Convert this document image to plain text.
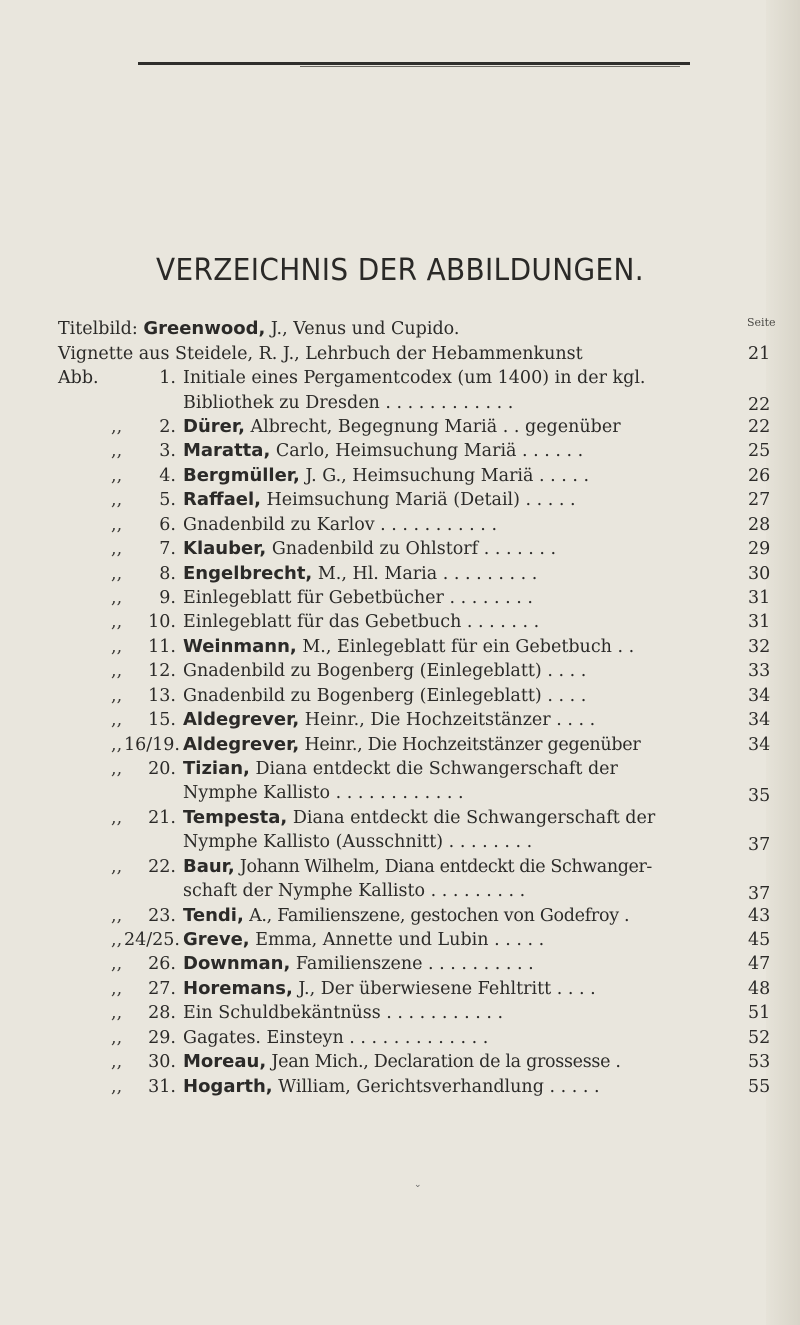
VERZEICHNIS DER ABBILDUNGEN.
Seite
Titelbild: Greenwood, J., Venus und Cupido.
Vignette aus Steidele, R. J., Lehrbuch der Hebammenkunst	21
Abb.	1. Initiale eines Pergamentcodex (um 1400) in der kgl.
Bibliothek zu Dresden . . . . . . . . . . . .	22
,,	2. Dürer, Albrecht, Begegnung Mariä . . gegenüber	22
,,	3. Maratta, Carlo, Heimsuchung Mariä . . . . . .	25
,,	4. Bergmüller, J. G., Heimsuchung Mariä . . . . .	26
,,	5. Raffael, Heimsuchung Mariä (Detail) . . . . .	27
,,	6. Gnadenbild zu Karlov . . . . . . . . . . .	28
,,	7. Klauber, Gnadenbild zu Ohlstorf . . . . . . .	29
,,	8. Engelbrecht, M., Hl. Maria . . . . . . . . .	30
,,	9. Einlegeblatt für Gebetbücher . . . . . . . .	31
,,	10. Einlegeblatt für das Gebetbuch . . . . . . .	31
,,	11. Weinmann, M., Einlegeblatt für ein Gebetbuch . .	32
,,	12. Gnadenbild zu Bogenberg (Einlegeblatt) . . . .	33
,,	13. Gnadenbild zu Bogenberg (Einlegeblatt) . . . .	34
,,	15. Aldegrever, Heinr., Die Hochzeitstänzer . . . .	34
,, 16/19. Aldegrever, Heinr., Die Hochzeitstänzer gegenüber	34
,,	20. Tizian, Diana entdeckt die Schwangerschaft der
Nymphe Kallisto . . . . . . . . . . . .	35
,,	21. Tempesta, Diana entdeckt die Schwangerschaft der
Nymphe Kallisto (Ausschnitt) . . . . . . . .	37
,,	22. Baur, Johann Wilhelm, Diana entdeckt die Schwanger-
schaft der Nymphe Kallisto . . . . . . . . .	37
,,	23. Tendi, A., Familienszene, gestochen von Godefroy .	43
,, 24/25. Greve, Emma, Annette und Lubin . . . . .	45
,,	26. Downman, Familienszene . . . . . . . . . .	47
,,	27. Horemans, J., Der überwiesene Fehltritt . . . .	48
,,	28. Ein Schuldbekäntnüss . . . . . . . . . . .	51
,,	29. Gagates. Einsteyn . . . . . . . . . . . . .	52
,,	30. Moreau, Jean Mich., Declaration de la grossesse .	53
,,	31. Hogarth, William, Gerichtsverhandlung . . . . .	55
⌄
